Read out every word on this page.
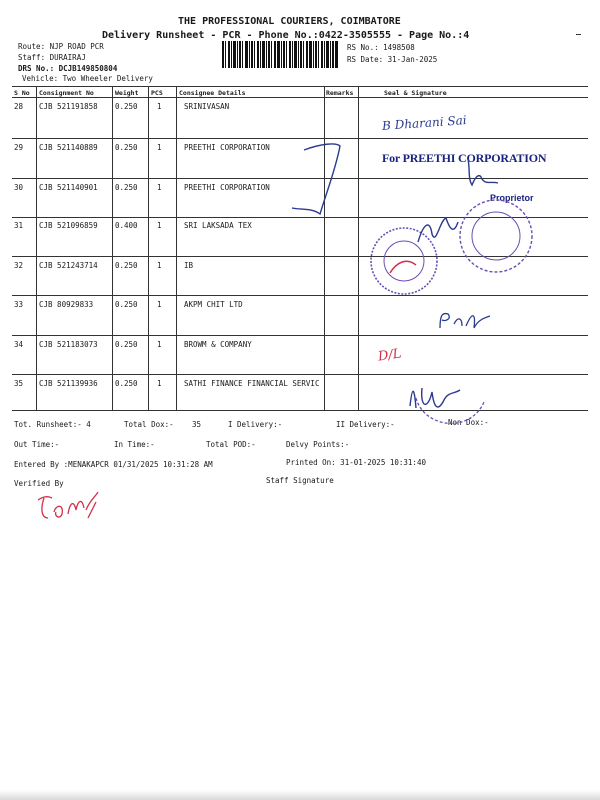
THE PROFESSIONAL COURIERS, COIMBATORE
Delivery Runsheet - PCR - Phone No.:0422-3505555 - Page No.:4
Route: NJP ROAD PCR
Staff: DURAIRAJ
DRS No.: DCJB149850804
Vehicle: Two Wheeler Delivery
RS No.: 1498508
RS Date: 31-Jan-2025
S No Consignment No	Weight PCS	Consignee Details	Remarks	Seal & Signature
28 CJB 521191858 0.250	1	SRINIVASAN
29 CJB 521140889 0.250	1	PREETHI CORPORATION
30 CJB 521140901 0.250	1	PREETHI CORPORATION
31 CJB 521096859 0.400	1	SRI LAKSADA TEX
32 CJB 521243714 0.250	1	IB
33 CJB 80929833	0.250	1	AKPM CHIT LTD
34 CJB 521183073 0.250	1	BROWM & COMPANY
35 CJB 521139936 0.250	1	SATHI FINANCE FINANCIAL SERVIC
Tot. Runsheet:- 4	Total Dox:- 35	I Delivery:-	II Delivery:-	Non Dox:-
Out Time:-	In Time:-	Total POD:-	Delvy Points:-
Entered By :MENAKAPCR 01/31/2025 10:31:28 AM	Printed On: 31-01-2025 10:31:40
Verified By	Staff Signature
B Dharani Sai
For PREETHI CORPORATION
Proprietor
D/L
